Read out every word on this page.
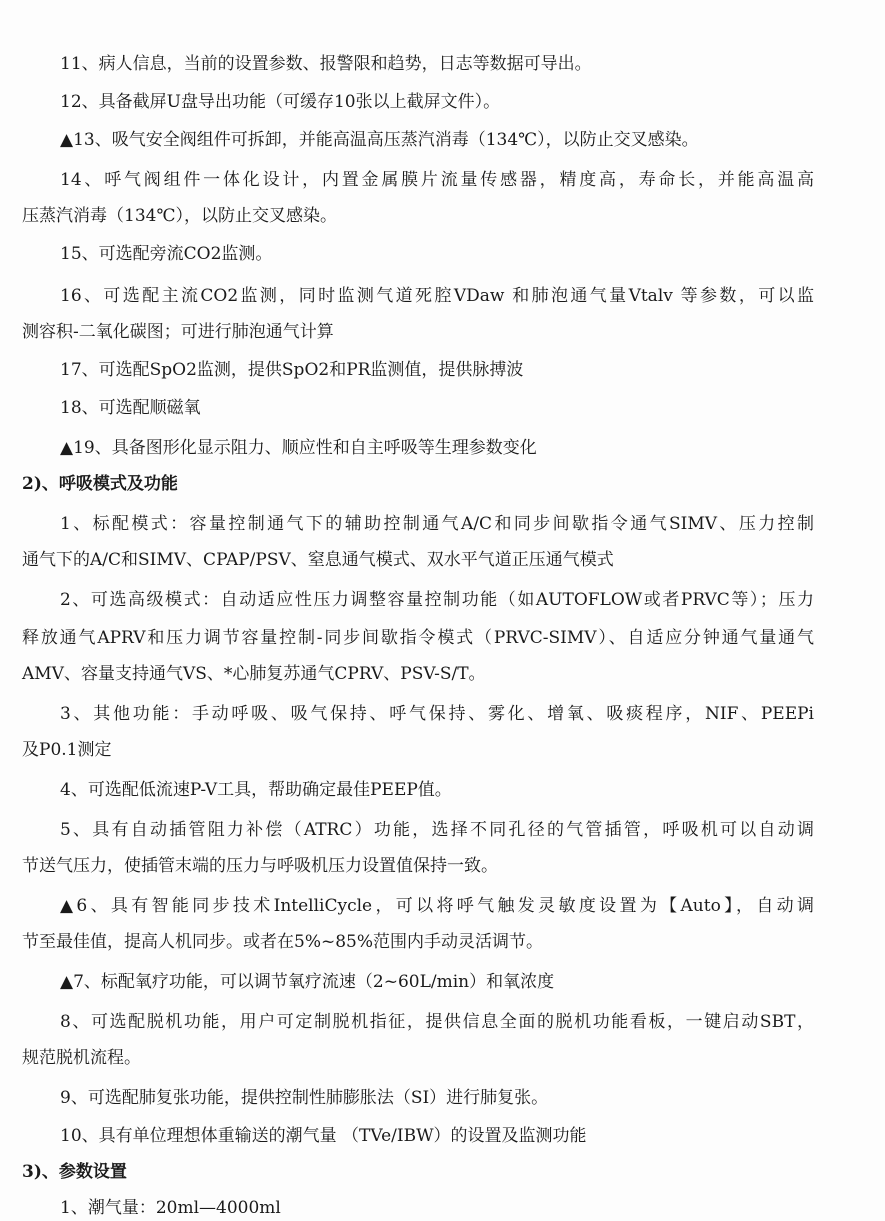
11、病人信息，当前的设置参数、报警限和趋势，日志等数据可导出。
12、具备截屏U盘导出功能（可缓存10张以上截屏文件）。
▲13、吸气安全阀组件可拆卸，并能高温高压蒸汽消毒（134℃），以防止交叉感染。
14、呼气阀组件一体化设计，内置金属膜片流量传感器，精度高，寿命长，并能高温高
压蒸汽消毒（134℃），以防止交叉感染。
15、可选配旁流CO2监测。
16、可选配主流CO2监测，同时监测气道死腔VDaw 和肺泡通气量Vtalv 等参数，可以监
测容积-二氧化碳图；可进行肺泡通气计算
17、可选配SpO2监测，提供SpO2和PR监测值，提供脉搏波
18、可选配顺磁氧
▲19、具备图形化显示阻力、顺应性和自主呼吸等生理参数变化
2)、呼吸模式及功能
1、标配模式：容量控制通气下的辅助控制通气A/C和同步间歇指令通气SIMV、压力控制
通气下的A/C和SIMV、CPAP/PSV、窒息通气模式、双水平气道正压通气模式
2、可选高级模式：自动适应性压力调整容量控制功能（如AUTOFLOW或者PRVC等）；压力
释放通气APRV和压力调节容量控制-同步间歇指令模式（PRVC-SIMV）、自适应分钟通气量通气
AMV、容量支持通气VS、*心肺复苏通气CPRV、PSV-S/T。
3、其他功能：手动呼吸、吸气保持、呼气保持、雾化、增氧、吸痰程序，NIF、PEEPi
及P0.1测定
4、可选配低流速P-V工具，帮助确定最佳PEEP值。
5、具有自动插管阻力补偿（ATRC）功能，选择不同孔径的气管插管，呼吸机可以自动调
节送气压力，使插管末端的压力与呼吸机压力设置值保持一致。
▲6、具有智能同步技术IntelliCycle，可以将呼气触发灵敏度设置为【Auto】，自动调
节至最佳值，提高人机同步。或者在5%~85%范围内手动灵活调节。
▲7、标配氧疗功能，可以调节氧疗流速（2~60L/min）和氧浓度
8、可选配脱机功能，用户可定制脱机指征，提供信息全面的脱机功能看板，一键启动SBT，
规范脱机流程。
9、可选配肺复张功能，提供控制性肺膨胀法（SI）进行肺复张。
10、具有单位理想体重输送的潮气量 （TVe/IBW）的设置及监测功能
3)、参数设置
1、潮气量：20ml—4000ml
